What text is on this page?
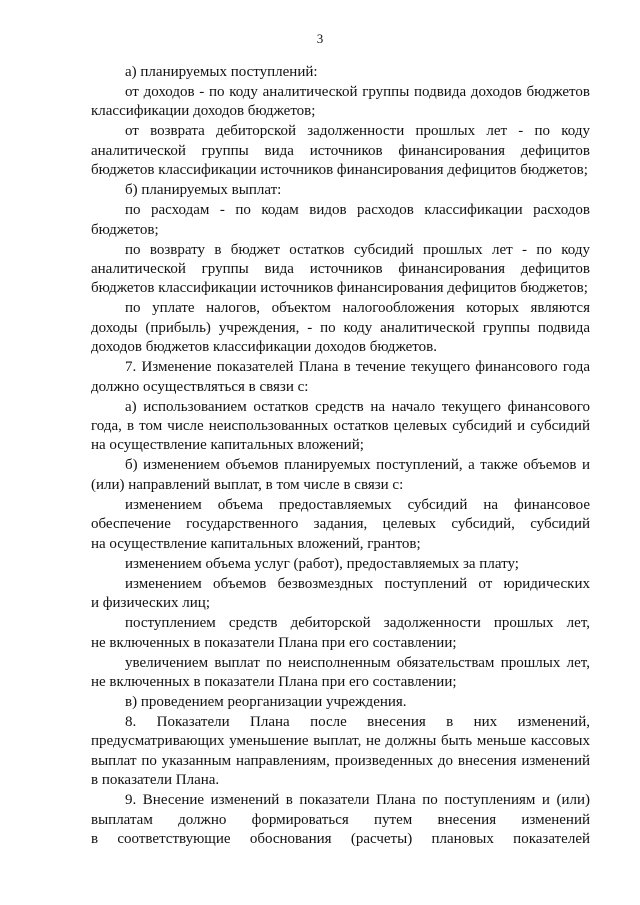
3
а) планируемых поступлений:
от доходов - по коду аналитической группы подвида доходов бюджетов
классификации доходов бюджетов;
от возврата дебиторской задолженности прошлых лет - по коду
аналитической группы вида источников финансирования дефицитов
бюджетов классификации источников финансирования дефицитов бюджетов;
б) планируемых выплат:
по расходам - по кодам видов расходов классификации расходов
бюджетов;
по возврату в бюджет остатков субсидий прошлых лет - по коду
аналитической группы вида источников финансирования дефицитов
бюджетов классификации источников финансирования дефицитов бюджетов;
по уплате налогов, объектом налогообложения которых являются
доходы (прибыль) учреждения, - по коду аналитической группы подвида
доходов бюджетов классификации доходов бюджетов.
7. Изменение показателей Плана в течение текущего финансового года
должно осуществляться в связи с:
а) использованием остатков средств на начало текущего финансового
года, в том числе неиспользованных остатков целевых субсидий и субсидий
на осуществление капитальных вложений;
б) изменением объемов планируемых поступлений, а также объемов и
(или) направлений выплат, в том числе в связи с:
изменением объема предоставляемых субсидий на финансовое
обеспечение государственного задания, целевых субсидий, субсидий
на осуществление капитальных вложений, грантов;
изменением объема услуг (работ), предоставляемых за плату;
изменением объемов безвозмездных поступлений от юридических
и физических лиц;
поступлением средств дебиторской задолженности прошлых лет,
не включенных в показатели Плана при его составлении;
увеличением выплат по неисполненным обязательствам прошлых лет,
не включенных в показатели Плана при его составлении;
в) проведением реорганизации учреждения.
8. Показатели Плана после внесения в них изменений,
предусматривающих уменьшение выплат, не должны быть меньше кассовых
выплат по указанным направлениям, произведенных до внесения изменений
в показатели Плана.
9. Внесение изменений в показатели Плана по поступлениям и (или)
выплатам должно формироваться путем внесения изменений
в соответствующие обоснования (расчеты) плановых показателей
